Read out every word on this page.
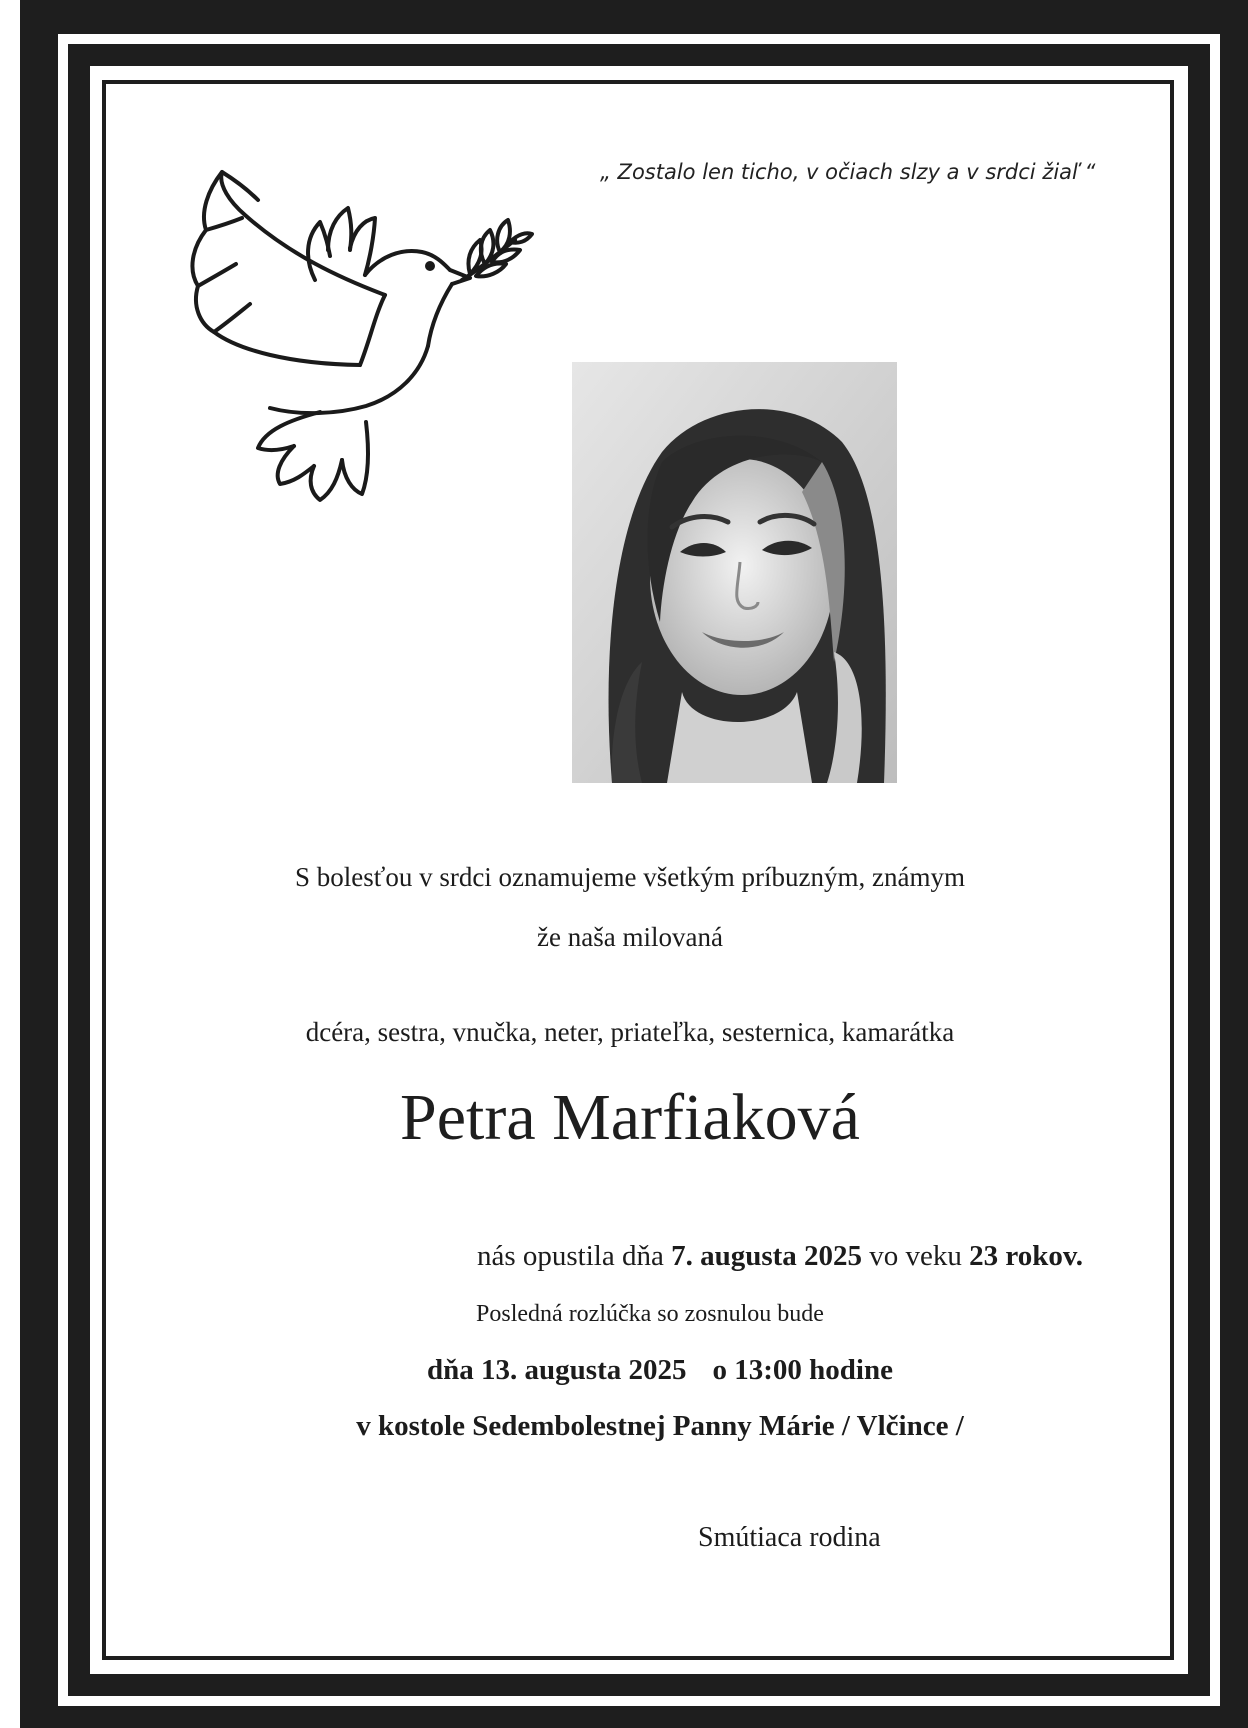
„ Zostalo len ticho, v očiach slzy a v srdci žiaľ “
S bolesťou v srdci oznamujeme všetkým príbuzným, známym
že naša milovaná
dcéra, sestra, vnučka, neter, priateľka, sesternica, kamarátka
Petra Marfiaková
nás opustila dňa 7. augusta 2025 vo veku 23 rokov.
Posledná rozlúčka so zosnulou bude
dňa 13. augusta 2025 o 13:00 hodine
v kostole Sedembolestnej Panny Márie / Vlčince /
Smútiaca rodina
